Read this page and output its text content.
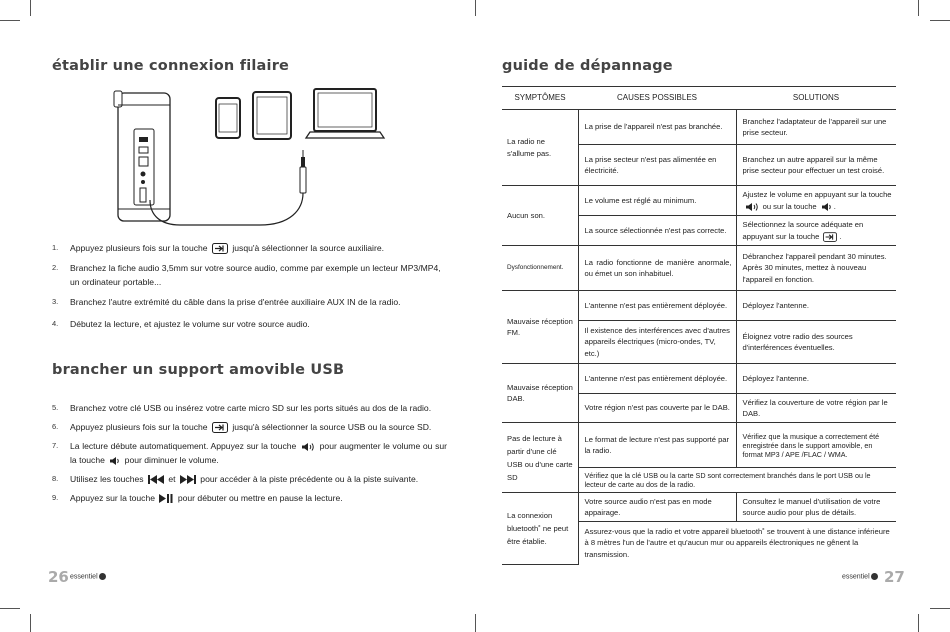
établir une connexion filaire

1. Appuyez plusieurs fois sur la touche	jusqu'à sélectionner la source auxiliaire.

2. Branchez la fiche audio 3,5mm sur votre source audio, comme par exemple un lecteur MP3/MP4, un ordinateur portable...

3. Branchez l'autre extrémité du câble dans la prise d'entrée auxiliaire AUX IN de la radio.

4. Débutez la lecture, et ajustez le volume sur votre source audio.

brancher un support amovible USB

5. Branchez votre clé USB ou insérez votre carte micro SD sur les ports situés au dos de la radio.

6. Appuyez plusieurs fois sur la touche	jusqu'à sélectionner la source USB ou la source SD.

7. La lecture débute automatiquement. Appuyez sur la touche	pour augmenter le volume ou sur la touche pour diminuer le volume.

8. Utilisez les touches	et	pour accéder à la piste précédente ou à la piste suivante.

9. Appuyez sur la touche	pour débuter ou mettre en pause la lecture.

26 essentiel
guide de dépannage
SYMPTÔMES	CAUSES POSSIBLES	SOLUTIONS
La radio ne s'allume pas.	La prise de l'appareil n'est pas branchée.	Branchez l'adaptateur de l'appareil sur une prise secteur.
	La prise secteur n'est pas alimentée en électricité.	Branchez un autre appareil sur la même prise secteur pour effectuer un test croisé.
Aucun son.	Le volume est réglé au minimum.	Ajustez le volume en appuyant sur la touche
ou sur la touche .
	La source sélectionnée n'est pas correcte.	Sélectionnez la source adéquate en appuyant sur la touche .
Dysfonctionnement.	La radio fonctionne de manière anormale, ou émet un son inhabituel.	Débranchez l'appareil pendant 30 minutes. Après 30 minutes, mettez à nouveau l'appareil en fonction.
Mauvaise réception FM.	L'antenne n'est pas entièrement déployée.	Déployez l'antenne.
	Il existence des interférences avec d'autres appareils électriques (micro-ondes, TV, etc.)	Éloignez votre radio des sources d'interférences éventuelles.
Mauvaise réception DAB.	L'antenne n'est pas entièrement déployée.	Déployez l'antenne.
	Votre région n'est pas couverte par le DAB.	Vérifiez la couverture de votre région par le DAB.
Pas de lecture à partir d'une clé USB ou d'une carte SD	Le format de lecture n'est pas supporté par la radio.	Vérifiez que la musique a correctement été enregistrée dans le support amovible, en format MP3 / APE /FLAC / WMA.
	Vérifiez que la clé USB ou la carte SD sont correctement branchés dans le port USB ou le lecteur de carte au dos de la radio.	
La connexion bluetooth˚ ne peut être établie.	Votre source audio n'est pas en mode appairage.	Consultez le manuel d'utilisation de votre source audio pour plus de détails.
	Assurez-vous que la radio et votre appareil bluetooth˚ se trouvent à une distance inférieure à 8 mètres l'un de l'autre et qu'aucun mur ou appareils électroniques ne gênent la transmission.	
essentiel 27
